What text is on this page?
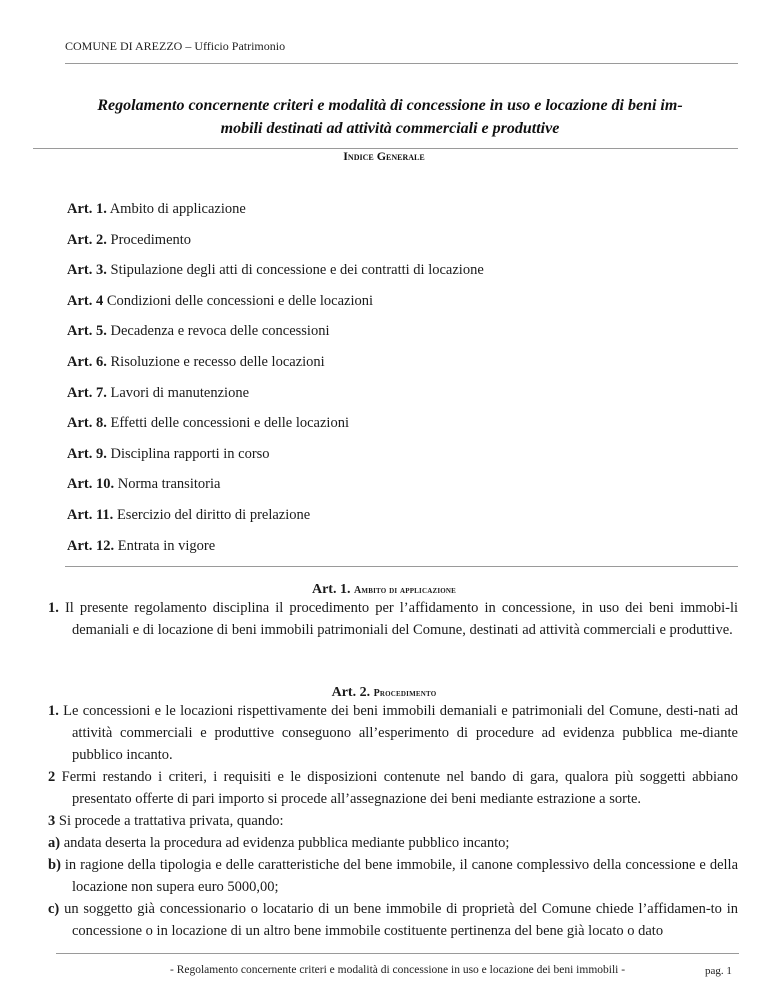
COMUNE DI AREZZO – Ufficio Patrimonio
Regolamento concernente criteri e modalità di concessione in uso e locazione di beni im-
mobili destinati ad attività commerciali e produttive
Indice Generale
Art. 1. Ambito di applicazione
Art. 2. Procedimento
Art. 3. Stipulazione degli atti di concessione e dei contratti di locazione
Art. 4 Condizioni delle concessioni e delle locazioni
Art. 5. Decadenza e revoca delle concessioni
Art. 6. Risoluzione e recesso delle locazioni
Art. 7. Lavori di manutenzione
Art. 8. Effetti delle concessioni e delle locazioni
Art. 9. Disciplina rapporti in corso
Art. 10. Norma transitoria
Art. 11. Esercizio del diritto di prelazione
Art. 12. Entrata in vigore
Art. 1. Ambito di applicazione
1. Il presente regolamento disciplina il procedimento per l’affidamento in concessione, in uso dei beni immobi-li demaniali e di locazione di beni immobili patrimoniali del Comune, destinati ad attività commerciali e produttive.
Art. 2. Procedimento
1. Le concessioni e le locazioni rispettivamente dei beni immobili demaniali e patrimoniali del Comune, desti-nati ad attività commerciali e produttive conseguono all’esperimento di procedure ad evidenza pubblica me-diante pubblico incanto.
2 Fermi restando i criteri, i requisiti e le disposizioni contenute nel bando di gara, qualora più soggetti abbiano presentato offerte di pari importo si procede all’assegnazione dei beni mediante estrazione a sorte.
3 Si procede a trattativa privata, quando:
a) andata deserta la procedura ad evidenza pubblica mediante pubblico incanto;
b) in ragione della tipologia e delle caratteristiche del bene immobile, il canone complessivo della concessione e della locazione non supera euro 5000,00;
c) un soggetto già concessionario o locatario di un bene immobile di proprietà del Comune chiede l’affidamen-to in concessione o in locazione di un altro bene immobile costituente pertinenza del bene già locato o dato
- Regolamento concernente criteri e modalità di concessione in uso e locazione dei beni immobili -	pag. 1
